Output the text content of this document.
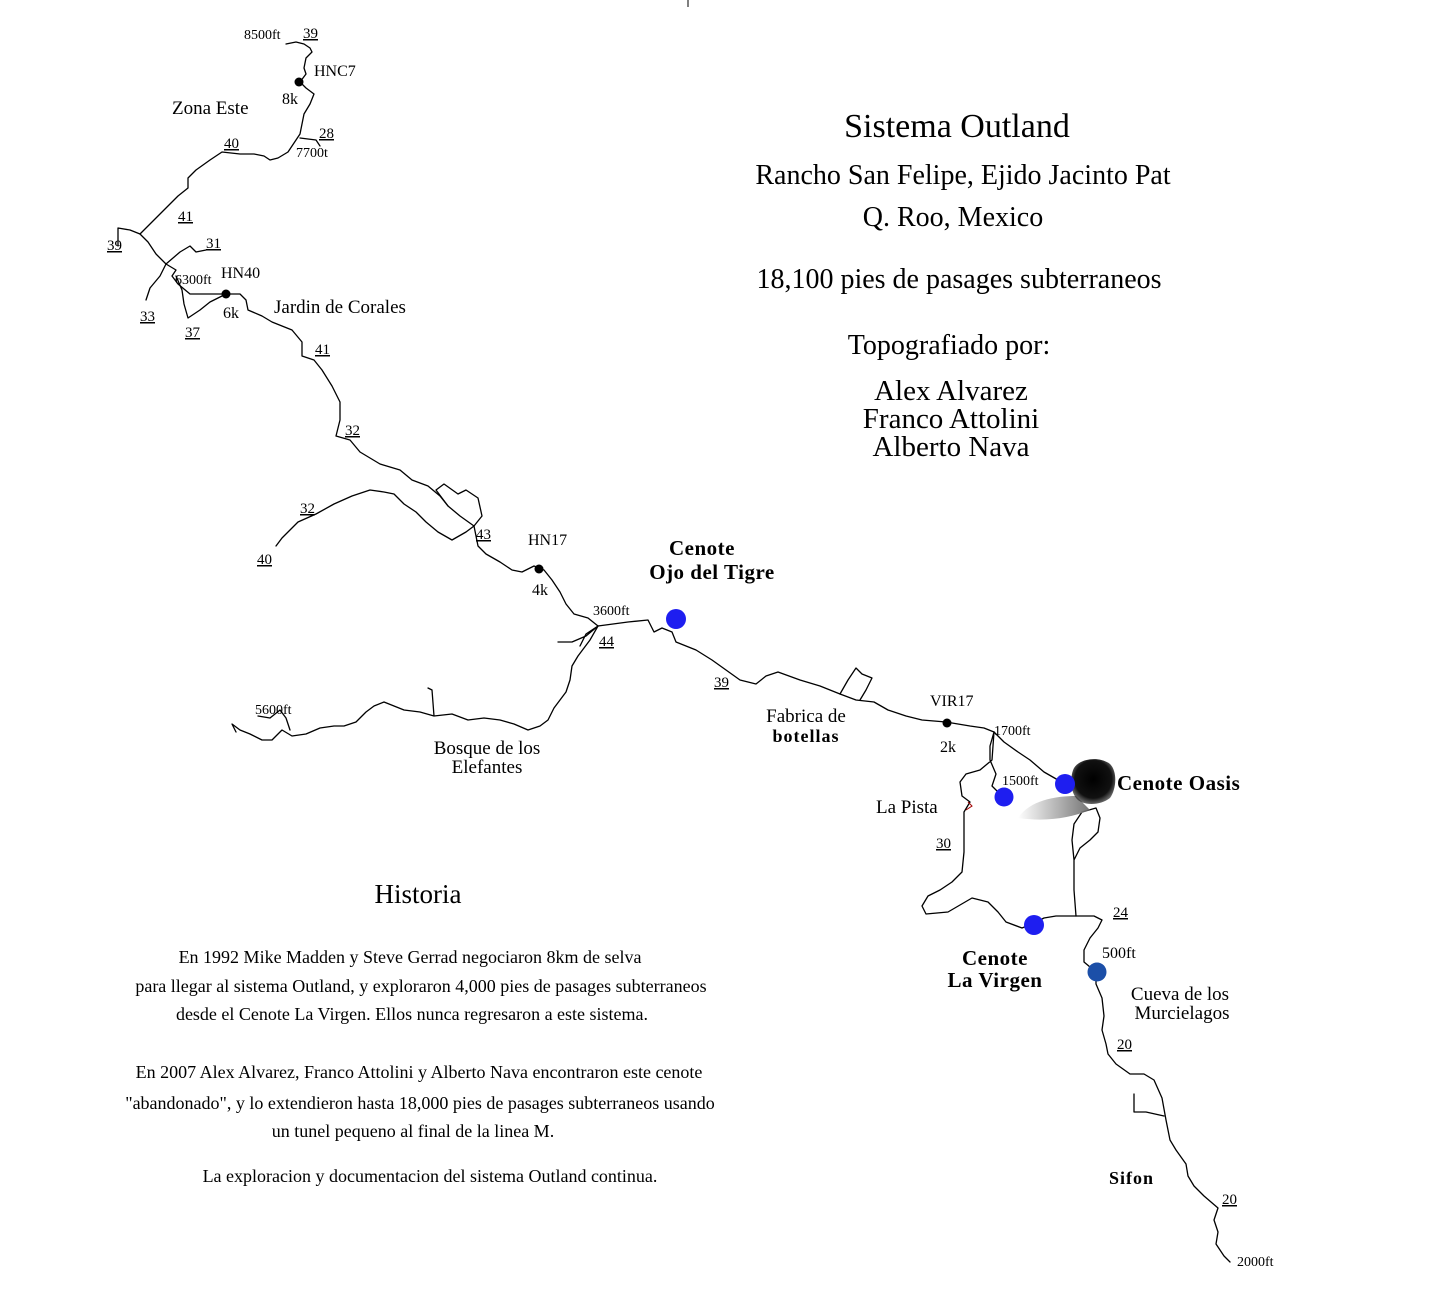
Sistema Outland
Rancho San Felipe, Ejido Jacinto Pat
Q. Roo, Mexico
18,100 pies de pasages subterraneos
Topografiado por:
Alex Alvarez
Franco Attolini
Alberto Nava
Historia
En 1992 Mike Madden y Steve Gerrad negociaron 8km de selva
para llegar al sistema Outland, y exploraron 4,000 pies de pasages subterraneos
desde el Cenote La Virgen. Ellos nunca regresaron a este sistema.
En 2007 Alex Alvarez, Franco Attolini y Alberto Nava encontraron este cenote
"abandonado", y lo extendieron hasta 18,000 pies de pasages subterraneos usando
un tunel pequeno al final de la linea M.
La exploracion y documentacion del sistema Outland continua.
Cenote
Ojo del Tigre
Cenote Oasis
Cenote
La Virgen
Zona Este
Jardin de Corales
Bosque de los
Elefantes
Fabrica de
botellas
La Pista
Cueva de los
Murcielagos
Sifon
HNC7
8k
HN40
6k
HN17
4k
VIR17
2k
8500ft
7700t
6300ft
3600ft
5600ft
1700ft
1500ft
500ft
2000ft
39
28
40
41
39	31
33
37
41
32
32
40
43
44
39
30
24
20
20
